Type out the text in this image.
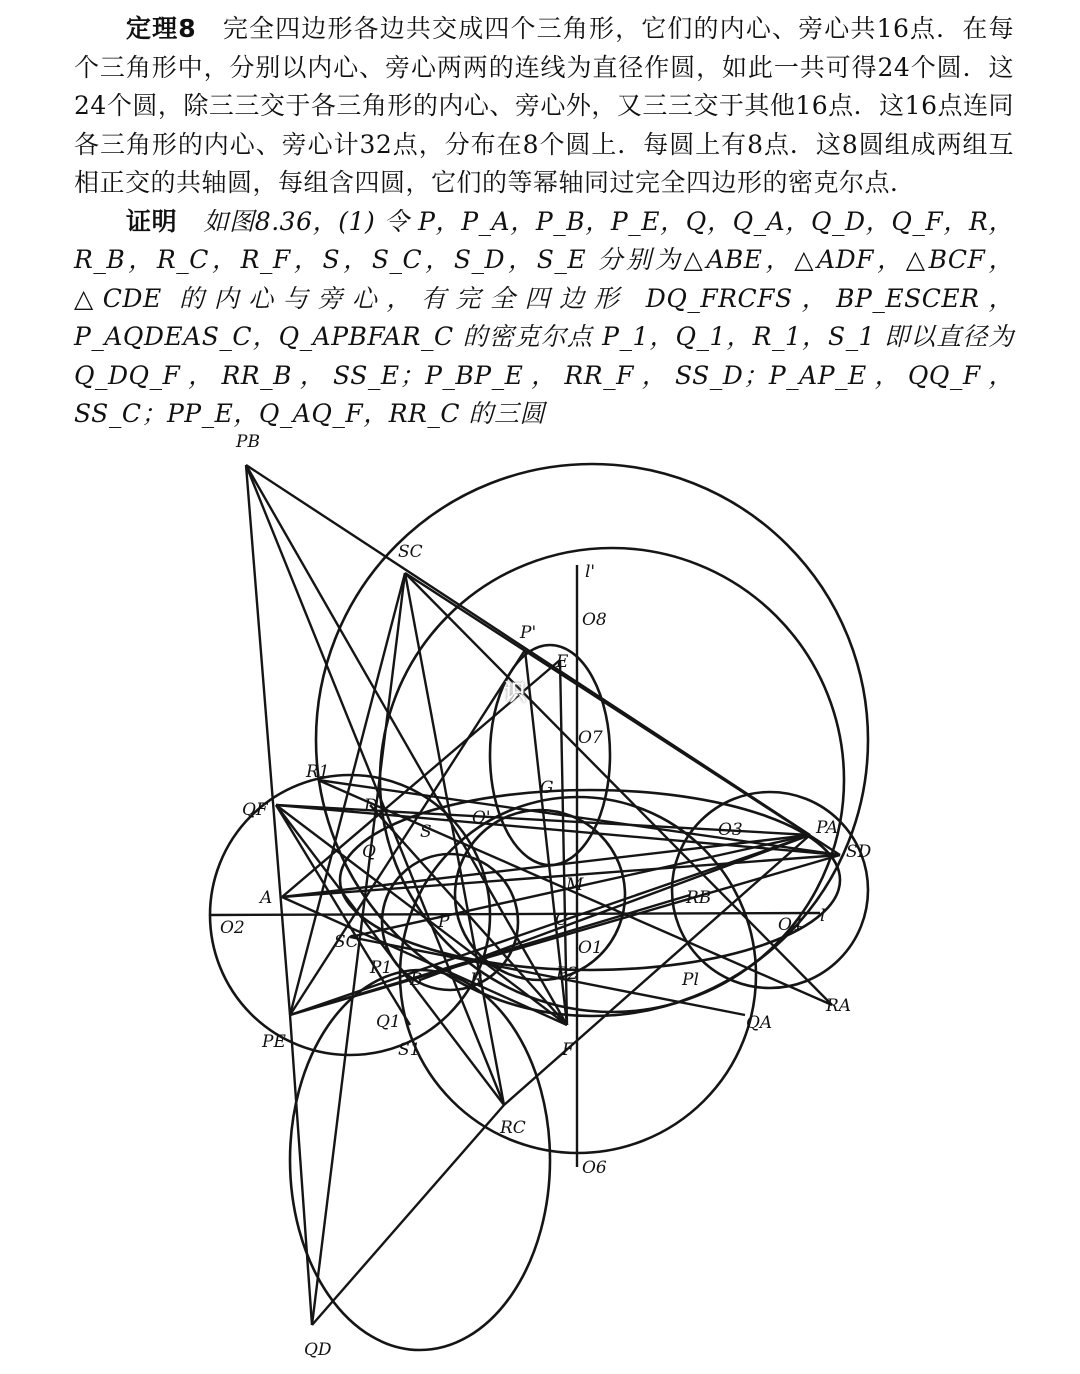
定理8 完全四边形各边共交成四个三角形，它们的内心、旁心共16点．在每个三角形中，分别以内心、旁心两两的连线为直径作圆，如此一共可得24个圆．这24个圆，除三三交于各三角形的内心、旁心外，又三三交于其他16点．这16点连同各三角形的内心、旁心计32点，分布在8个圆上．每圆上有8点．这8圆组成两组互相正交的共轴圆，每组含四圆，它们的等幂轴同过完全四边形的密克尔点．

证明 如图8.36，(1) 令 P，P_A，P_B，P_E，Q，Q_A，Q_D，Q_F，R，R_B，R_C，R_F，S，S_C，S_D，S_E 分别为△ABE，△ADF，△BCF，△CDE 的内心与旁心，有完全四边形 DQ_FRCFS，BP_ESCER，P_AQDEAS_C，Q_APBFAR_C 的密克尔点 P_1，Q_1，R_1，S_1 即以直径为 Q_DQ_F，RR_B，SS_E；P_BP_E，RR_F，SS_D；P_AP_E，QQ_F，SS_C；PP_E，Q_AQ_F，RR_C 的三圆

PB
SC
l'
O8
P'
E
O7
R1
QF	D
S
O'
G
Q
O3	PA
SD
A
O2
M
RB
O4 l
SC
P
O1
Pl
P1
B	R
C
P2
Q1
PE	S1	F
QA
RA
RC
O6
QD
识
